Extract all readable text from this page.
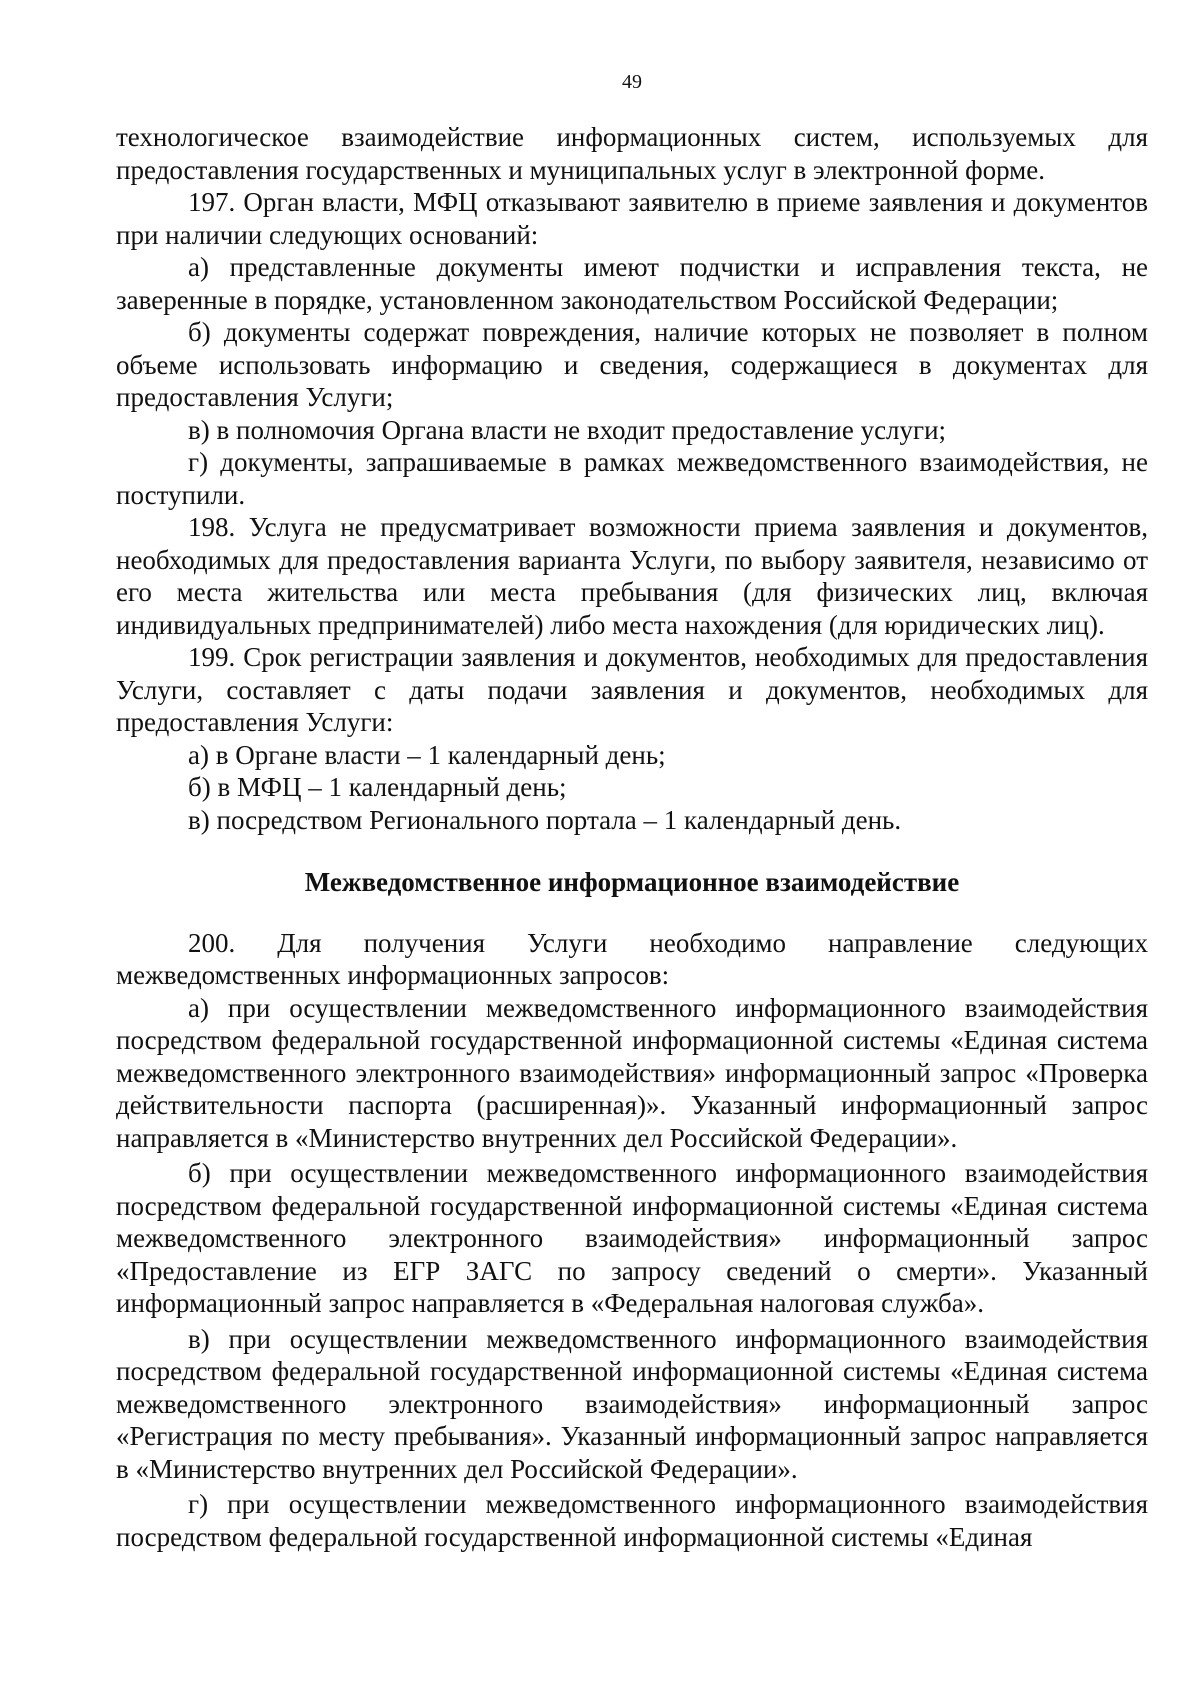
49

технологическое взаимодействие информационных систем, используемых для предоставления государственных и муниципальных услуг в электронной форме.

197. Орган власти, МФЦ отказывают заявителю в приеме заявления и документов при наличии следующих оснований:

а) представленные документы имеют подчистки и исправления текста, не заверенные в порядке, установленном законодательством Российской Федерации;

б) документы содержат повреждения, наличие которых не позволяет в полном объеме использовать информацию и сведения, содержащиеся в документах для предоставления Услуги;

в) в полномочия Органа власти не входит предоставление услуги;

г) документы, запрашиваемые в рамках межведомственного взаимодействия, не поступили.

198. Услуга не предусматривает возможности приема заявления и документов, необходимых для предоставления варианта Услуги, по выбору заявителя, независимо от его места жительства или места пребывания (для физических лиц, включая индивидуальных предпринимателей) либо места нахождения (для юридических лиц).

199. Срок регистрации заявления и документов, необходимых для предоставления Услуги, составляет с даты подачи заявления и документов, необходимых для предоставления Услуги:

а) в Органе власти – 1 календарный день;

б) в МФЦ – 1 календарный день;

в) посредством Регионального портала – 1 календарный день.

Межведомственное информационное взаимодействие

200. Для получения Услуги необходимо направление следующих межведомственных информационных запросов:

а) при осуществлении межведомственного информационного взаимодействия посредством федеральной государственной информационной системы «Единая система межведомственного электронного взаимодействия» информационный запрос «Проверка действительности паспорта (расширенная)». Указанный информационный запрос направляется в «Министерство внутренних дел Российской Федерации».

б) при осуществлении межведомственного информационного взаимодействия посредством федеральной государственной информационной системы «Единая система межведомственного электронного взаимодействия» информационный запрос «Предоставление из ЕГР ЗАГС по запросу сведений о смерти». Указанный информационный запрос направляется в «Федеральная налоговая служба».

в) при осуществлении межведомственного информационного взаимодействия посредством федеральной государственной информационной системы «Единая система межведомственного электронного взаимодействия» информационный запрос «Регистрация по месту пребывания». Указанный информационный запрос направляется в «Министерство внутренних дел Российской Федерации».

г) при осуществлении межведомственного информационного взаимодействия посредством федеральной государственной информационной системы «Единая
